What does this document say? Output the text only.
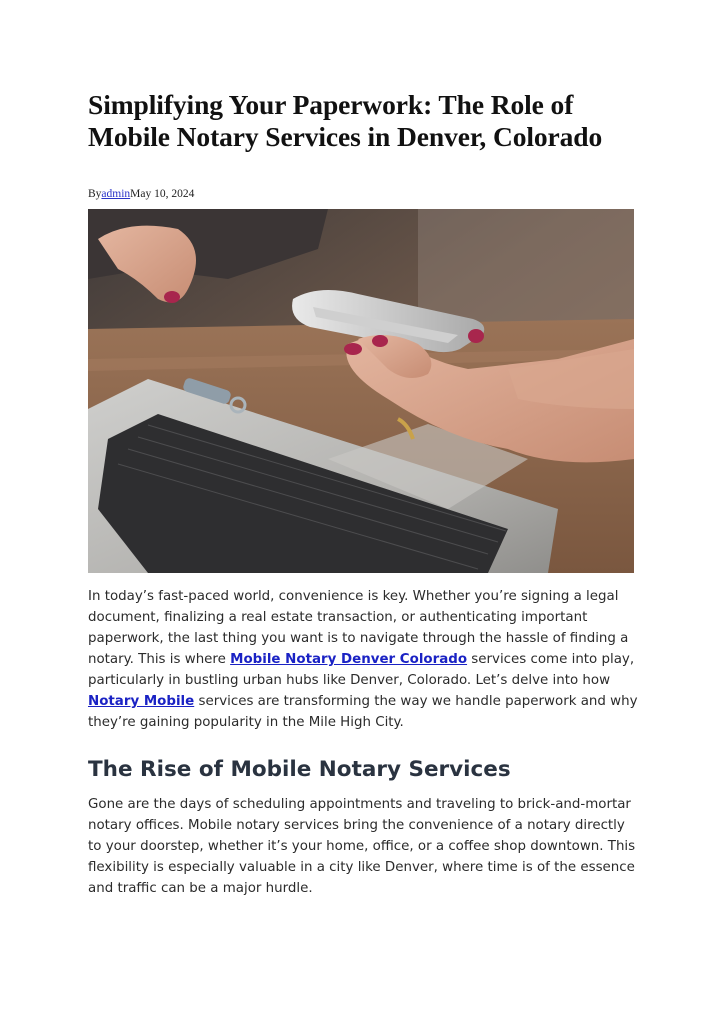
Simplifying Your Paperwork: The Role of Mobile Notary Services in Denver, Colorado
ByadminMay 10, 2024

In today’s fast-paced world, convenience is key. Whether you’re signing a legal document, finalizing a real estate transaction, or authenticating important paperwork, the last thing you want is to navigate through the hassle of finding a notary. This is where Mobile Notary Denver Colorado services come into play, particularly in bustling urban hubs like Denver, Colorado. Let’s delve into how Notary Mobile services are transforming the way we handle paperwork and why they’re gaining popularity in the Mile High City.

The Rise of Mobile Notary Services

Gone are the days of scheduling appointments and traveling to brick-and-mortar notary offices. Mobile notary services bring the convenience of a notary directly to your doorstep, whether it’s your home, office, or a coffee shop downtown. This flexibility is especially valuable in a city like Denver, where time is of the essence and traffic can be a major hurdle.
